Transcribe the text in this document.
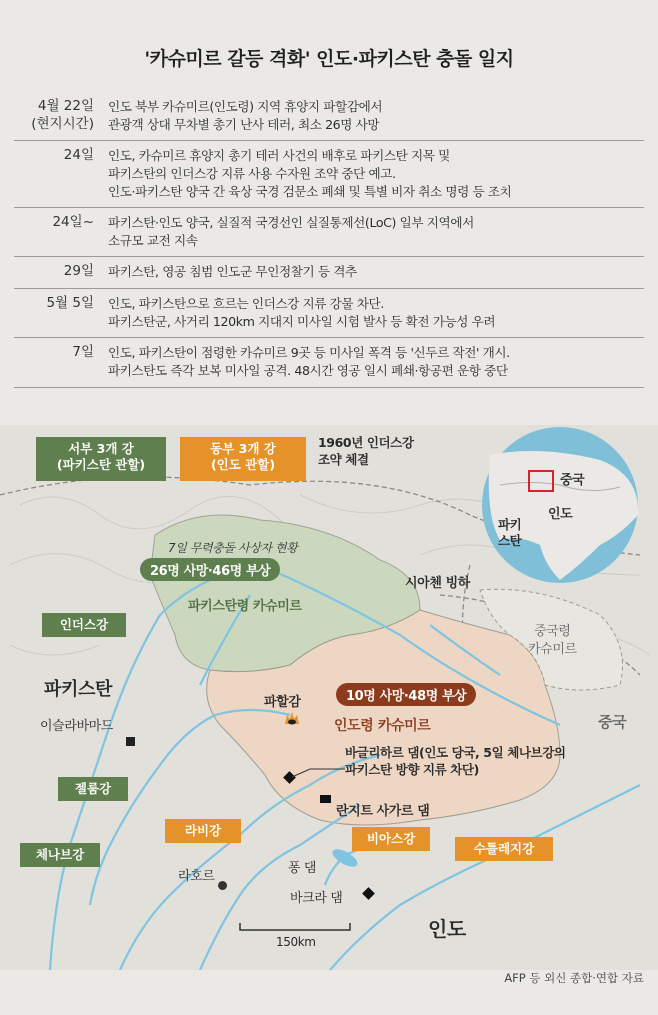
'카슈미르 갈등 격화' 인도·파키스탄 충돌 일지
4월 22일
(현지시간)
인도 북부 카슈미르(인도령) 지역 휴양지 파할감에서
관광객 상대 무차별 총기 난사 테러, 최소 26명 사망
24일 인도, 카슈미르 휴양지 총기 테러 사건의 배후로 파키스탄 지목 및
파키스탄의 인더스강 지류 사용 수자원 조약 중단 예고.
인도·파키스탄 양국 간 육상 국경 검문소 폐쇄 및 특별 비자 취소 명령 등 조치
24일~ 파키스탄·인도 양국, 실질적 국경선인 실질통제선(LoC) 일부 지역에서
소규모 교전 지속
29일 파키스탄, 영공 침범 인도군 무인정찰기 등 격추
5월 5일 인도, 파키스탄으로 흐르는 인더스강 지류 강물 차단.
파키스탄군, 사거리 120km 지대지 미사일 시험 발사 등 확전 가능성 우려
7일 인도, 파키스탄이 점령한 카슈미르 9곳 등 미사일 폭격 등 '신두르 작전' 개시.
파키스탄도 즉각 보복 미사일 공격. 48시간 영공 일시 폐쇄·항공편 운항 중단
서부 3개 강
(파키스탄 관할)
동부 3개 강
(인도 관할)
1960년 인더스강
조약 체결
중국
인도
파키
스탄
7일 무력충돌 사상자 현황
26명 사망·46명 부상
파키스탄령 카슈미르
시아첸 빙하
중국령
카슈미르
중국
파키스탄
이슬라바마드
10명 사망·48명 부상
파할감
인도령 카슈미르
바글리하르 댐(인도 당국, 5일 체나브강의
파키스탄 방향 지류 차단)
란지트 사가르 댐
인더스강
젤룸강
체나브강
라비강
비아스강
수틀레지강
퐁 댐
라호르
바크라 댐
인도
150km
AFP 등 외신 종합·연합 자료
